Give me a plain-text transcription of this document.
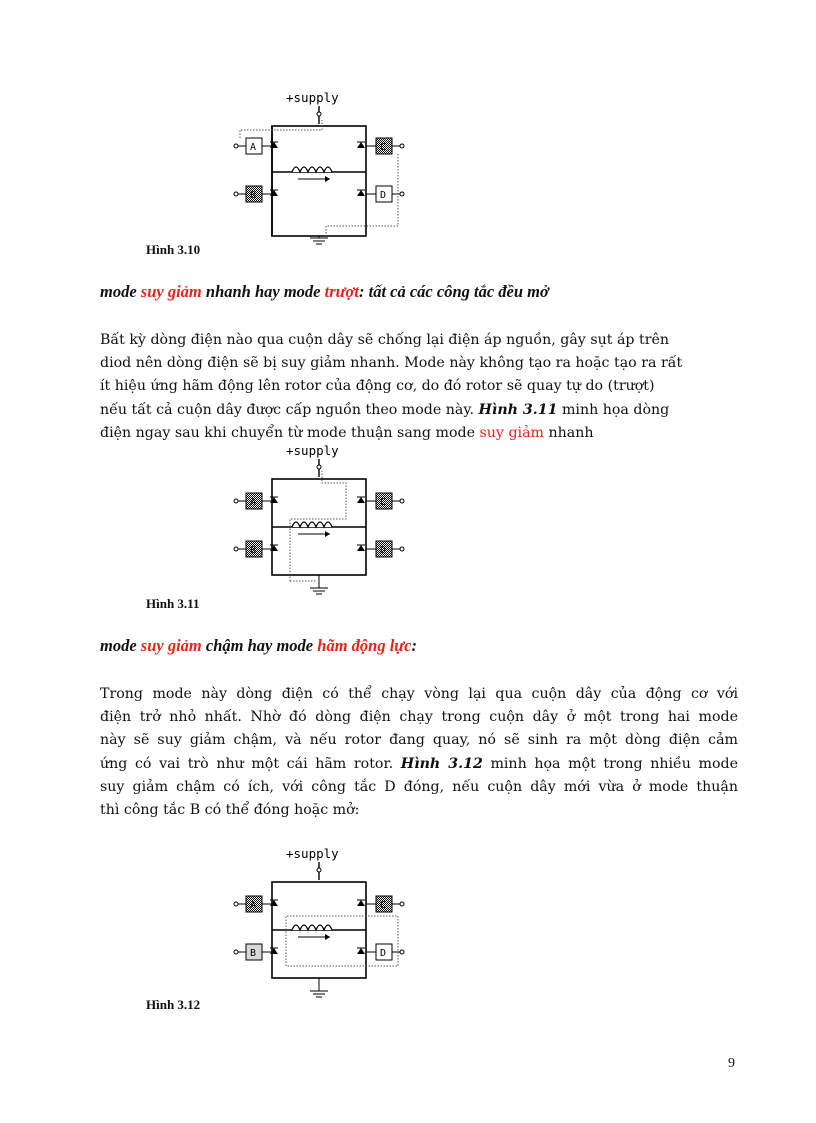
+supply
A
B
C
D
Hình 3.10
mode suy giảm nhanh hay mode trượt: tất cả các công tắc đều mở
Bất kỳ dòng điện nào qua cuộn dây sẽ chống lại điện áp nguồn, gây sụt áp trên
diod nên dòng điện sẽ bị suy giảm nhanh. Mode này không tạo ra hoặc tạo ra rất
ít hiệu ứng hãm động lên rotor của động cơ, do đó rotor sẽ quay tự do (trượt)
nếu tất cả cuộn dây được cấp nguồn theo mode này. Hình 3.11 minh họa dòng
điện ngay sau khi chuyển từ mode thuận sang mode suy giảm nhanh
+supply
A
B
C
D
Hình 3.11
mode suy giảm chậm hay mode hãm động lực:
Trong mode này dòng điện có thể chạy vòng lại qua cuộn dây của động cơ với
điện trở nhỏ nhất. Nhờ đó dòng điện chạy trong cuộn dây ở một trong hai mode
này sẽ suy giảm chậm, và nếu rotor đang quay, nó sẽ sinh ra một dòng điện cảm
ứng có vai trò như một cái hãm rotor. Hình 3.12 minh họa một trong nhiều mode
suy giảm chậm có ích, với công tắc D đóng, nếu cuộn dây mới vừa ở mode thuận
thì công tắc B có thể đóng hoặc mở:
+supply
A
B
C
D
Hình 3.12
9
